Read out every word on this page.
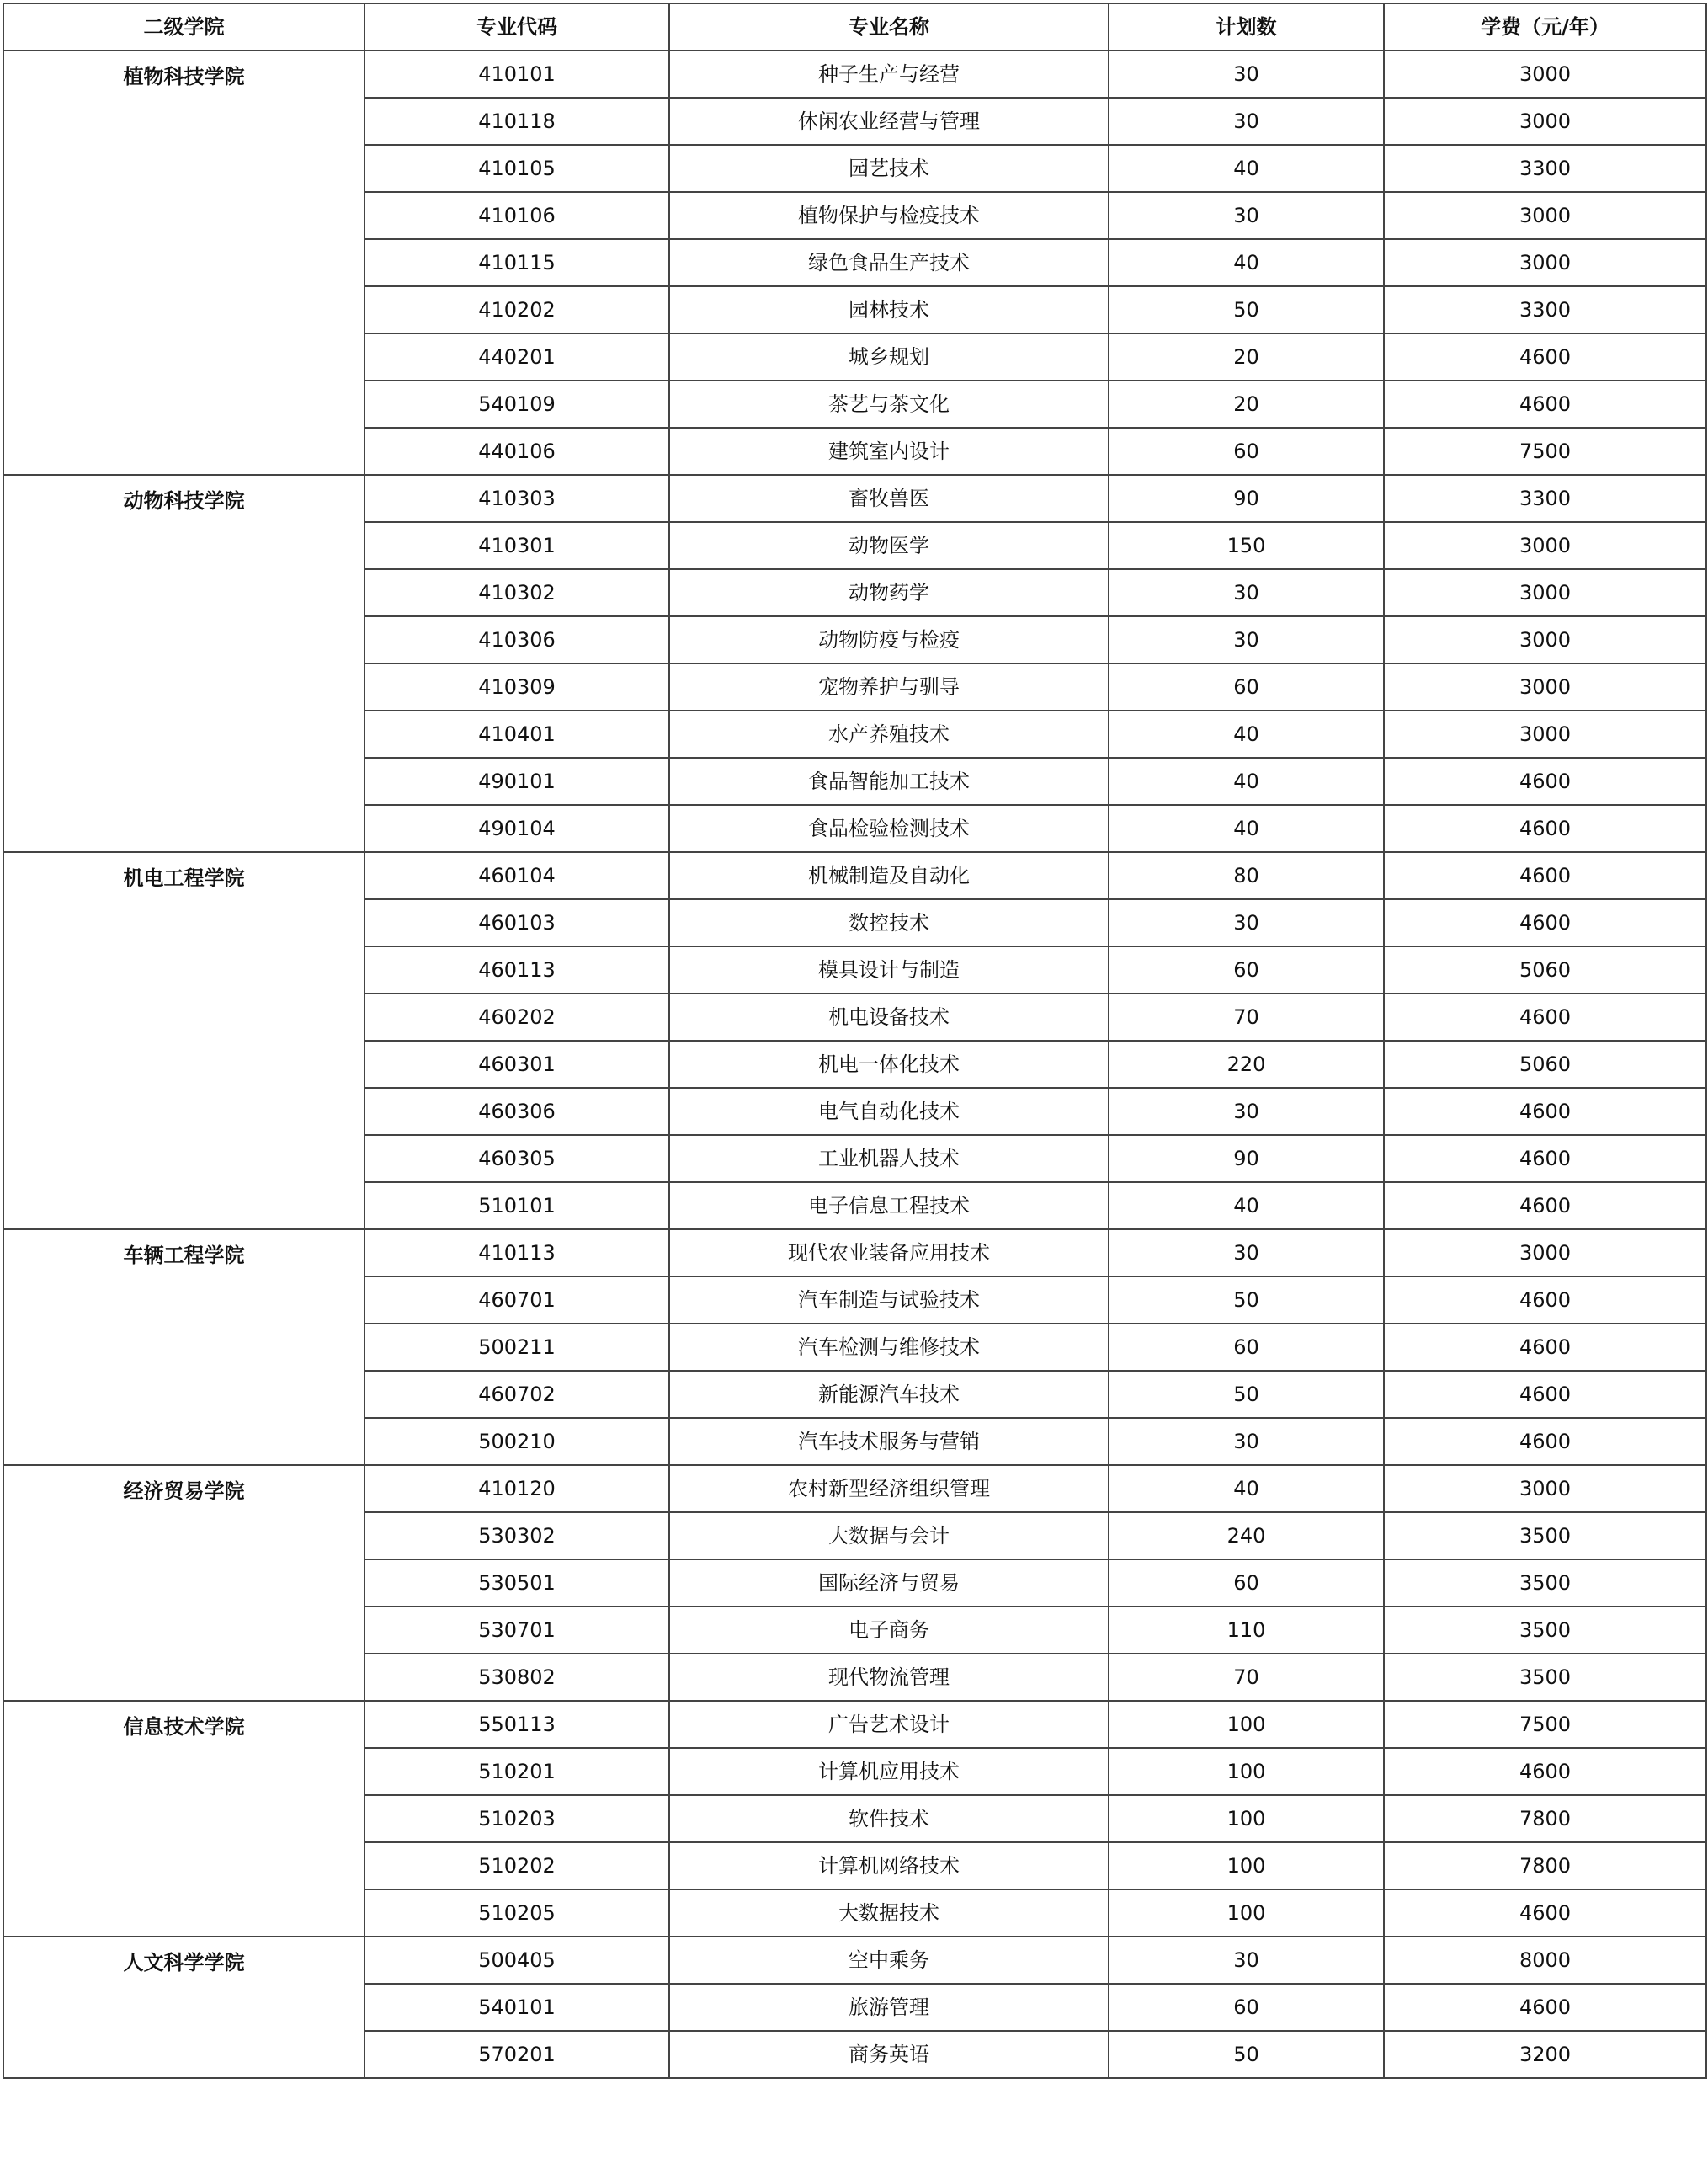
二级学院	专业代码	专业名称	计划数	学费（元/年）
植物科技学院	410101	种子生产与经营	30	3000
	410118	休闲农业经营与管理	30	3000
	410105	园艺技术	40	3300
	410106	植物保护与检疫技术	30	3000
	410115	绿色食品生产技术	40	3000
	410202	园林技术	50	3300
	440201	城乡规划	20	4600
	540109	茶艺与茶文化	20	4600
	440106	建筑室内设计	60	7500
动物科技学院	410303	畜牧兽医	90	3300
	410301	动物医学	150	3000
	410302	动物药学	30	3000
	410306	动物防疫与检疫	30	3000
	410309	宠物养护与驯导	60	3000
	410401	水产养殖技术	40	3000
	490101	食品智能加工技术	40	4600
	490104	食品检验检测技术	40	4600
机电工程学院	460104	机械制造及自动化	80	4600
	460103	数控技术	30	4600
	460113	模具设计与制造	60	5060
	460202	机电设备技术	70	4600
	460301	机电一体化技术	220	5060
	460306	电气自动化技术	30	4600
	460305	工业机器人技术	90	4600
	510101	电子信息工程技术	40	4600
车辆工程学院	410113	现代农业装备应用技术	30	3000
	460701	汽车制造与试验技术	50	4600
	500211	汽车检测与维修技术	60	4600
	460702	新能源汽车技术	50	4600
	500210	汽车技术服务与营销	30	4600
经济贸易学院	410120	农村新型经济组织管理	40	3000
	530302	大数据与会计	240	3500
	530501	国际经济与贸易	60	3500
	530701	电子商务	110	3500
	530802	现代物流管理	70	3500
信息技术学院	550113	广告艺术设计	100	7500
	510201	计算机应用技术	100	4600
	510203	软件技术	100	7800
	510202	计算机网络技术	100	7800
	510205	大数据技术	100	4600
人文科学学院	500405	空中乘务	30	8000
	540101	旅游管理	60	4600
	570201	商务英语	50	3200
